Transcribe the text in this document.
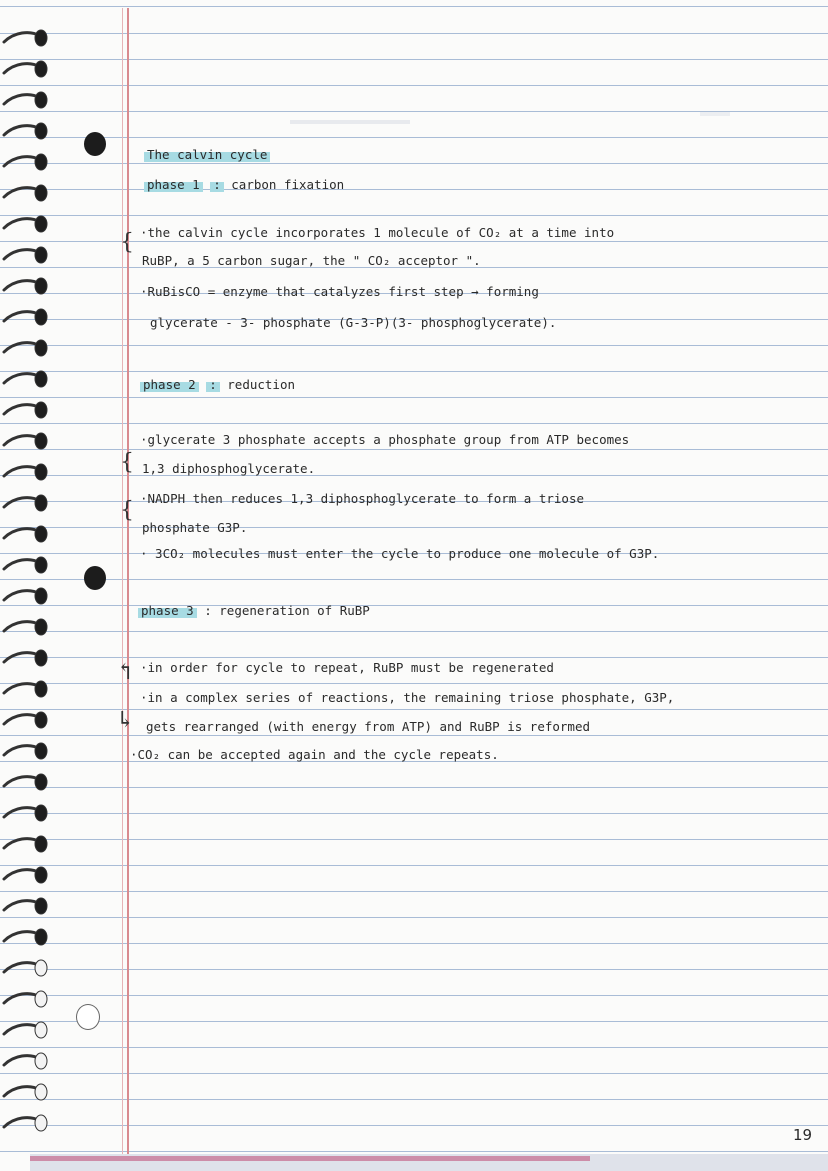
The calvin cycle
phase 1 : carbon fixation
{ ·the calvin cycle incorporates 1 molecule of CO₂ at a time into
RuBP, a 5 carbon sugar, the " CO₂ acceptor ".
·RuBisCO = enzyme that catalyzes first step → forming
glycerate - 3- phosphate (G-3-P)(3- phosphoglycerate).
phase 2 : reduction
·glycerate 3 phosphate accepts a phosphate group from ATP becomes
{ 1,3 diphosphoglycerate.
·NADPH then reduces 1,3 diphosphoglycerate to form a triose
{
phosphate G3P.
· 3CO₂ molecules must enter the cycle to produce one molecule of G3P.
phase 3 : regeneration of RuBP
↰ ·in order for cycle to repeat, RuBP must be regenerated
·in a complex series of reactions, the remaining triose phosphate, G3P,
↳ gets rearranged (with energy from ATP) and RuBP is reformed
·CO₂ can be accepted again and the cycle repeats.
19
